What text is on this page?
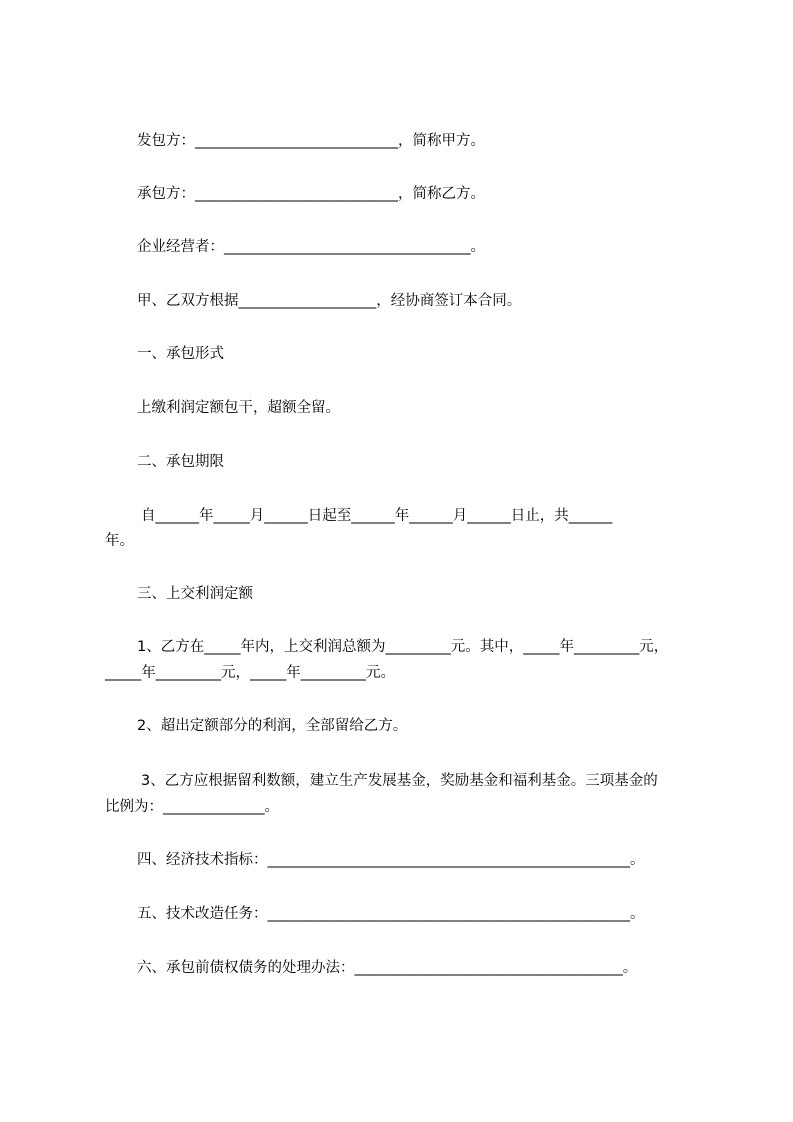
发包方：____________________________，简称甲方。
承包方：____________________________，简称乙方。
企业经营者：__________________________________。
甲、乙双方根据___________________，经协商签订本合同。
一、承包形式
上缴利润定额包干，超额全留。
二、承包期限
自______年_____月______日起至______年______月______日止，共______
年。
三、上交利润定额
1、乙方在_____年内，上交利润总额为_________元。其中，_____年_________元，
_____年_________元，_____年_________元。
2、超出定额部分的利润，全部留给乙方。
3、乙方应根据留利数额，建立生产发展基金，奖励基金和福利基金。三项基金的
比例为：______________。
四、经济技术指标：__________________________________________________。
五、技术改造任务：__________________________________________________。
六、承包前债权债务的处理办法：_____________________________________。
